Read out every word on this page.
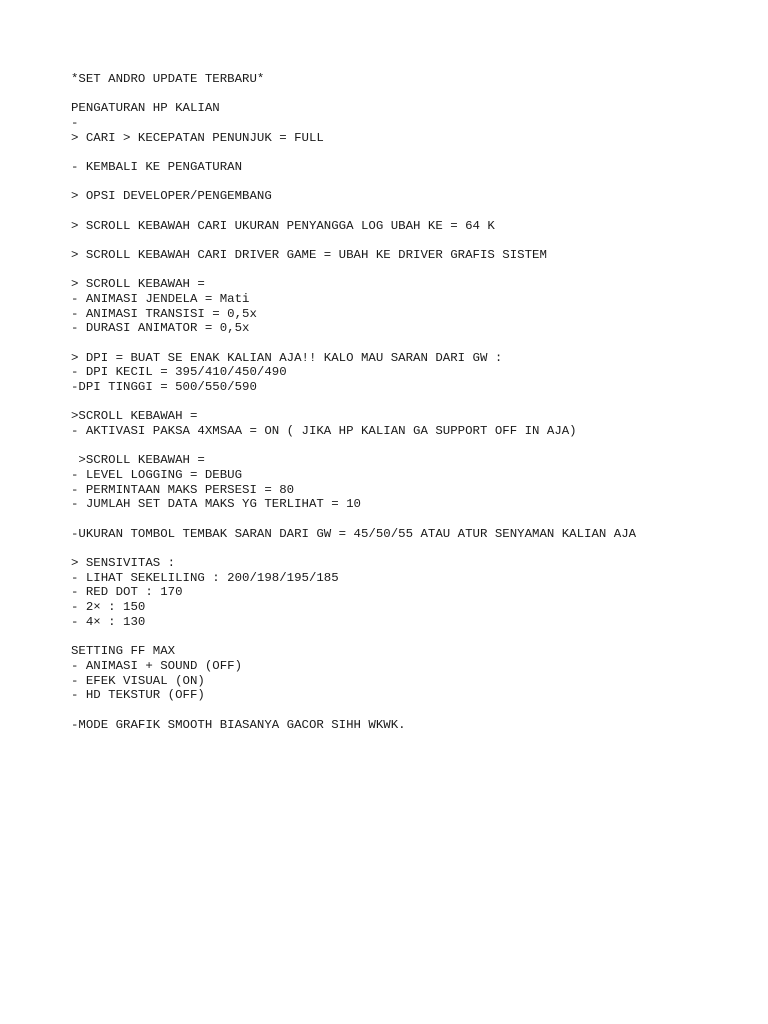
*SET ANDRO UPDATE TERBARU*
PENGATURAN HP KALIAN
-
> CARI > KECEPATAN PENUNJUK = FULL
- KEMBALI KE PENGATURAN
> OPSI DEVELOPER/PENGEMBANG
> SCROLL KEBAWAH CARI UKURAN PENYANGGA LOG UBAH KE = 64 K
> SCROLL KEBAWAH CARI DRIVER GAME = UBAH KE DRIVER GRAFIS SISTEM
> SCROLL KEBAWAH =
- ANIMASI JENDELA = Mati
- ANIMASI TRANSISI = 0,5x
- DURASI ANIMATOR = 0,5x
> DPI = BUAT SE ENAK KALIAN AJA!! KALO MAU SARAN DARI GW :
- DPI KECIL = 395/410/450/490
-DPI TINGGI = 500/550/590
>SCROLL KEBAWAH =
- AKTIVASI PAKSA 4XMSAA = ON ( JIKA HP KALIAN GA SUPPORT OFF IN AJA)
>SCROLL KEBAWAH =
- LEVEL LOGGING = DEBUG
- PERMINTAAN MAKS PERSESI = 80
- JUMLAH SET DATA MAKS YG TERLIHAT = 10
-UKURAN TOMBOL TEMBAK SARAN DARI GW = 45/50/55 ATAU ATUR SENYAMAN KALIAN AJA
> SENSIVITAS :
- LIHAT SEKELILING : 200/198/195/185
- RED DOT : 170
- 2× : 150
- 4× : 130
SETTING FF MAX
- ANIMASI + SOUND (OFF)
- EFEK VISUAL (ON)
- HD TEKSTUR (OFF)
-MODE GRAFIK SMOOTH BIASANYA GACOR SIHH WKWK.
